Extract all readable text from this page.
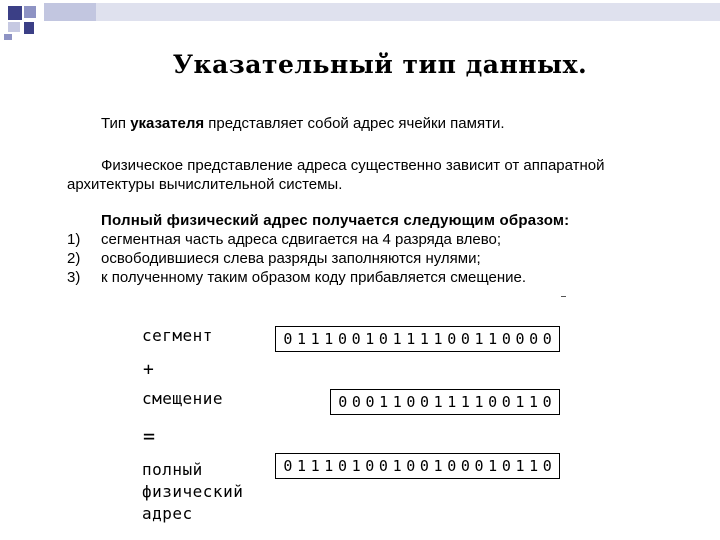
Указательный тип данных.
Тип указателя представляет собой адрес ячейки памяти.
Физическое представление адреса существенно зависит от аппаратной
архитектуры вычислительной системы.
Полный физический адрес получается следующим образом:
1) сегментная часть адреса сдвигается на 4 разряда влево;
2) освободившиеся слева разряды заполняются нулями;
3) к полученному таким образом коду прибавляется смещение.
сегмент	0 1 1 1 0 0 1 0 1 1 1 1 0 0 1 1 0 0 0 0
+
смещение	0 0 0 1 1 0 0 1 1 1 1 0 0 1 1 0
=
полный
физический
адрес
0 1 1 1 0 1 0 0 1 0 0 1 0 0 0 1 0 1 1 0
